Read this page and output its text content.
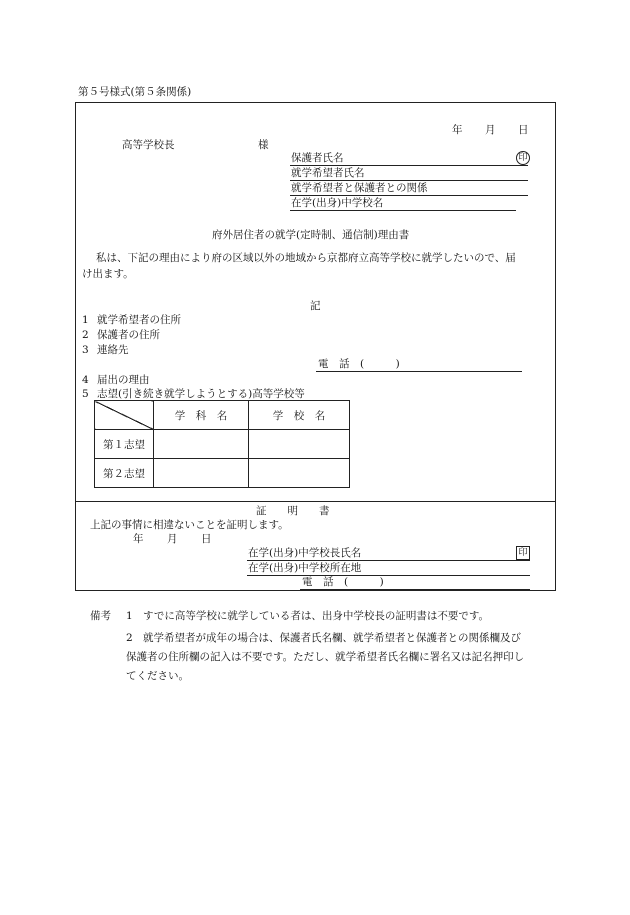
第５号様式(第５条関係)
年 月 日
高等学校長	様
保護者氏名	印
就学希望者氏名
就学希望者と保護者との関係
在学(出身)中学校名
府外居住者の就学(定時制、通信制)理由書
私は、下記の理由により府の区域以外の地域から京都府立高等学校に就学したいので、届
け出ます。
記
1 就学希望者の住所
2 保護者の住所
3 連絡先
電　話　(　　　)
4 届出の理由
5 志望(引き続き就学しようとする)高等学校等
	学　科　名	学　校　名
第１志望		
第２志望		
証　　明　　書
上記の事情に相違ないことを証明します。
年 月 日
在学(出身)中学校長氏名	印
在学(出身)中学校所在地
電　話　(　　　)
備考 1 すでに高等学校に就学している者は、出身中学校長の証明書は不要です。
2 就学希望者が成年の場合は、保護者氏名欄、就学希望者と保護者との関係欄及び
保護者の住所欄の記入は不要です。ただし、就学希望者氏名欄に署名又は記名押印し
てください。
